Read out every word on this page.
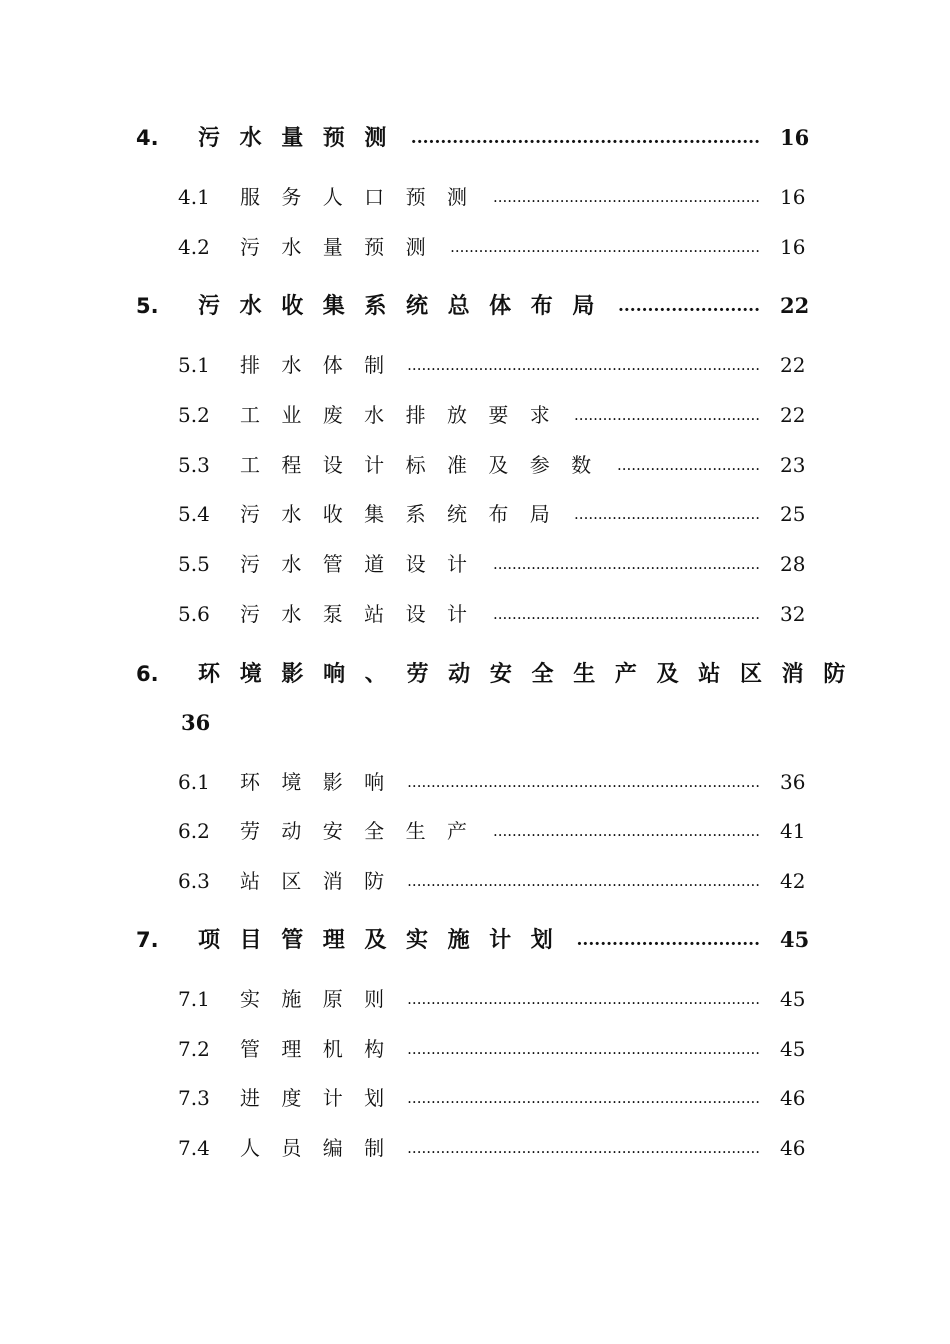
4. 污 水 量 预 测	........................................................... 16
4.1 服 务 人 口 预 测	........................................................ 16
4.2 污 水 量 预 测	................................................................. 16
5. 污 水 收 集 系 统 总 体 布 局	........................ 22
5.1 排 水 体 制	.......................................................................... 22
5.2 工 业 废 水 排 放 要 求	....................................... 22
5.3 工 程 设 计 标 准 及 参 数	.............................. 23
5.4 污 水 收 集 系 统 布 局	....................................... 25
5.5 污 水 管 道 设 计	........................................................ 28
5.6 污 水 泵 站 设 计	........................................................ 32
6. 环 境 影 响 、 劳 动 安 全 生 产 及 站 区 消 防
36
6.1 环 境 影 响	.......................................................................... 36
6.2 劳 动 安 全 生 产	........................................................ 41
6.3 站 区 消 防	.......................................................................... 42
7. 项 目 管 理 及 实 施 计 划	............................... 45
7.1 实 施 原 则	.......................................................................... 45
7.2 管 理 机 构	.......................................................................... 45
7.3 进 度 计 划	.......................................................................... 46
7.4 人 员 编 制	.......................................................................... 46
